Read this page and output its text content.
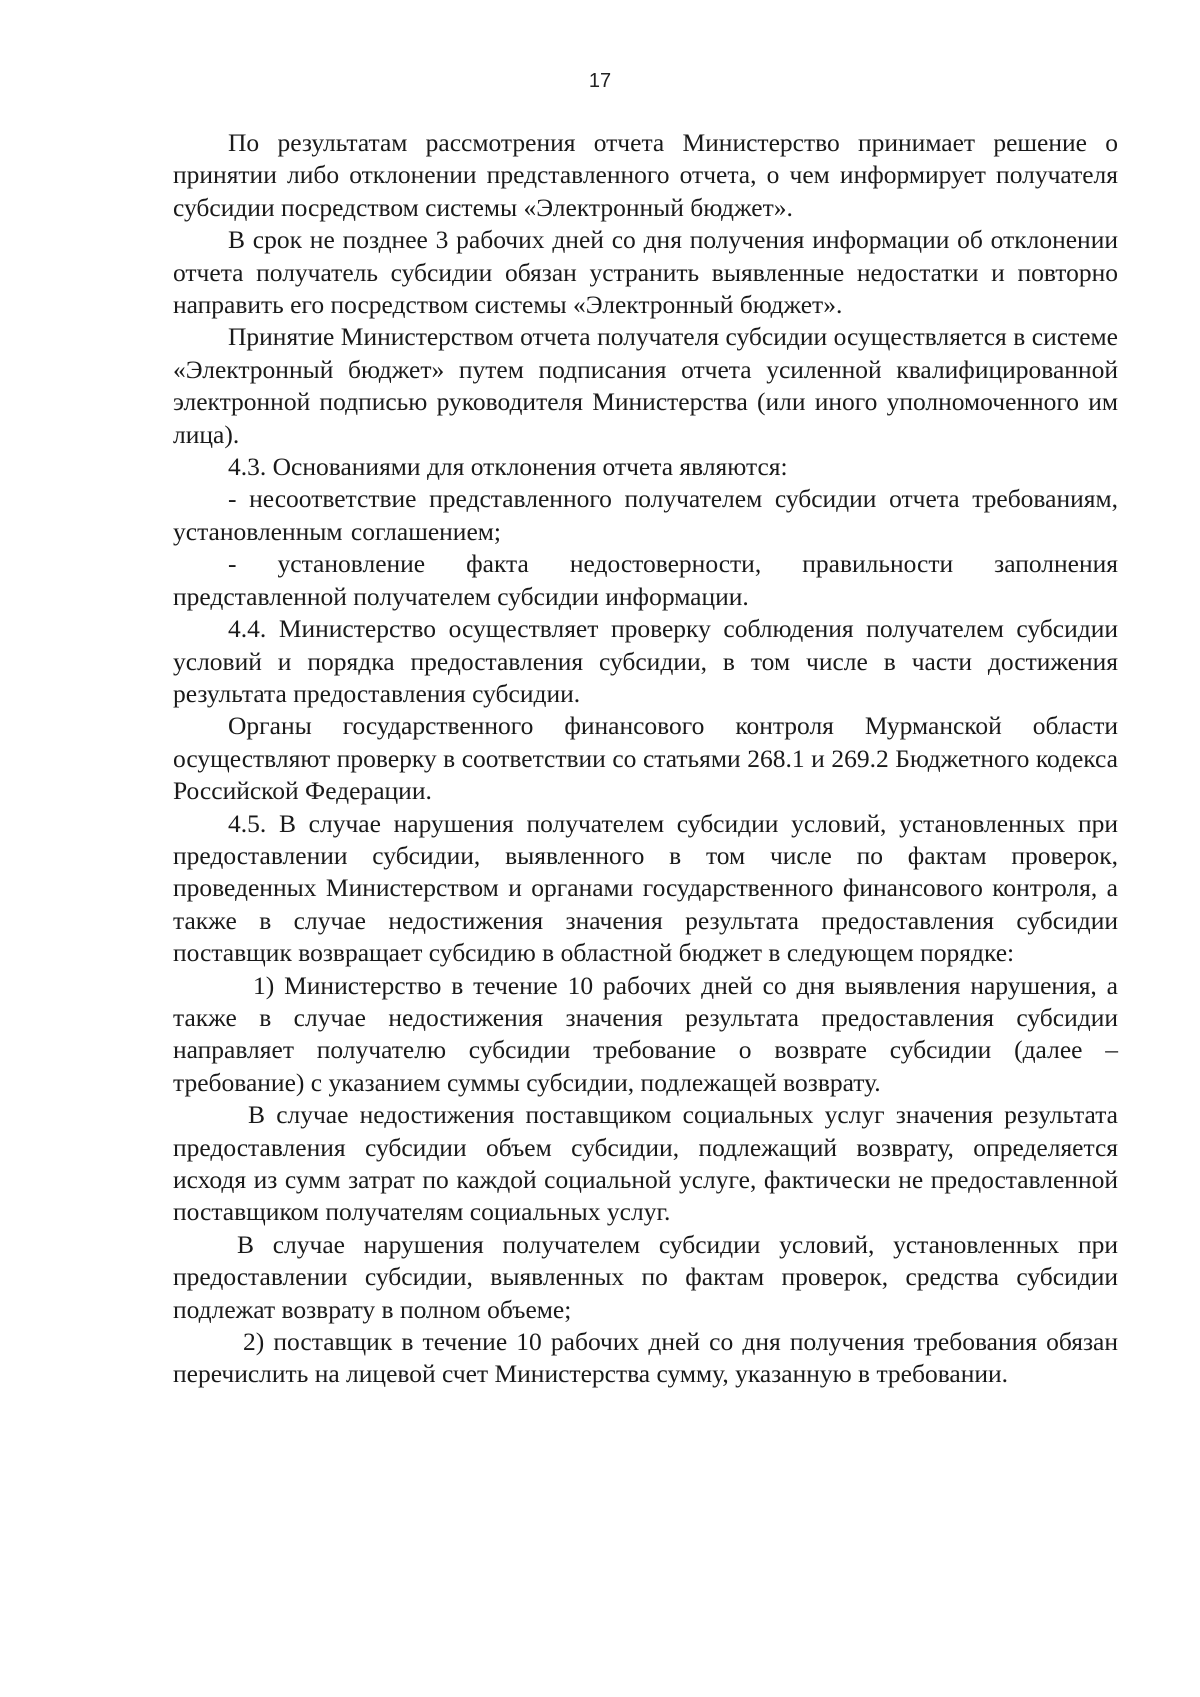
17

По результатам рассмотрения отчета Министерство принимает решение о принятии либо отклонении представленного отчета, о чем информирует получателя субсидии посредством системы «Электронный бюджет».

В срок не позднее 3 рабочих дней со дня получения информации об отклонении отчета получатель субсидии обязан устранить выявленные недостатки и повторно направить его посредством системы «Электронный бюджет».

Принятие Министерством отчета получателя субсидии осуществляется в системе «Электронный бюджет» путем подписания отчета усиленной квалифицированной электронной подписью руководителя Министерства (или иного уполномоченного им лица).

4.3. Основаниями для отклонения отчета являются:

- несоответствие представленного получателем субсидии отчета требованиям, установленным соглашением;

- установление факта недостоверности, правильности заполнения представленной получателем субсидии информации.

4.4. Министерство осуществляет проверку соблюдения получателем субсидии условий и порядка предоставления субсидии, в том числе в части достижения результата предоставления субсидии.

Органы государственного финансового контроля Мурманской области осуществляют проверку в соответствии со статьями 268.1 и 269.2 Бюджетного кодекса Российской Федерации.

4.5. В случае нарушения получателем субсидии условий, установленных при предоставлении субсидии, выявленного в том числе по фактам проверок, проведенных Министерством и органами государственного финансового контроля, а также в случае недостижения значения результата предоставления субсидии поставщик возвращает субсидию в областной бюджет в следующем порядке:

1) Министерство в течение 10 рабочих дней со дня выявления нарушения, а также в случае недостижения значения результата предоставления субсидии направляет получателю субсидии требование о возврате субсидии (далее – требование) с указанием суммы субсидии, подлежащей возврату.

В случае недостижения поставщиком социальных услуг значения результата предоставления субсидии объем субсидии, подлежащий возврату, определяется исходя из сумм затрат по каждой социальной услуге, фактически не предоставленной поставщиком получателям социальных услуг.

В случае нарушения получателем субсидии условий, установленных при предоставлении субсидии, выявленных по фактам проверок, средства субсидии подлежат возврату в полном объеме;

2) поставщик в течение 10 рабочих дней со дня получения требования обязан перечислить на лицевой счет Министерства сумму, указанную в требовании.
